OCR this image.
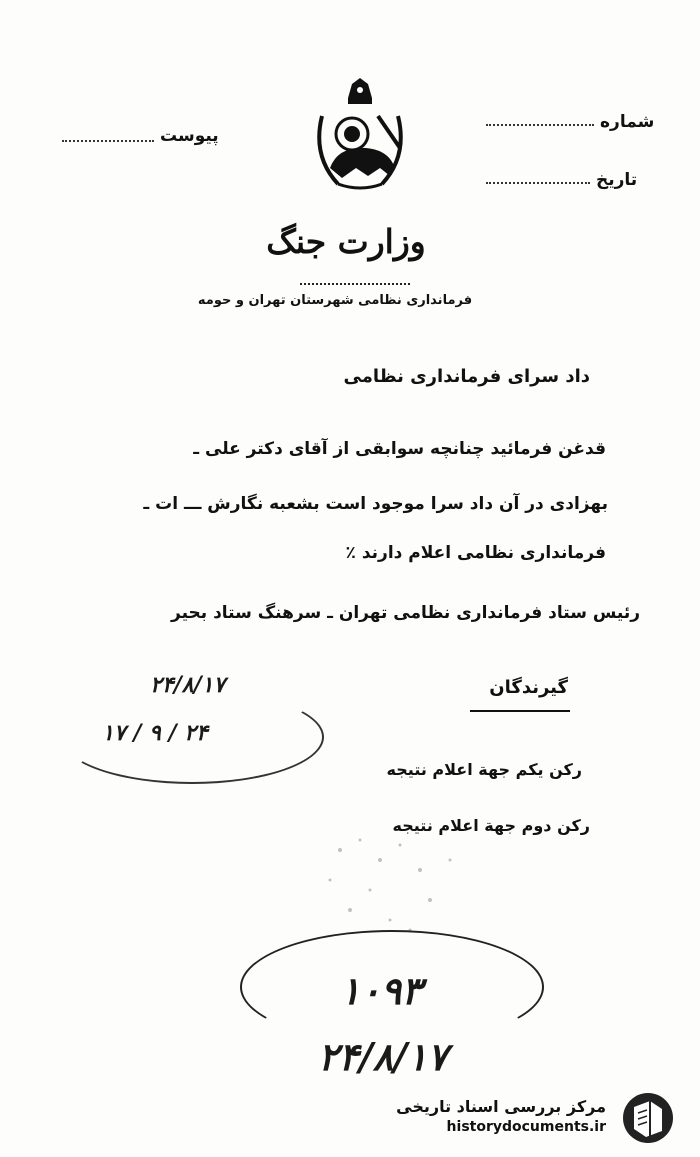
شماره
تاریخ
پیوست
وزارت جنگ
فرمانداری نظامی شهرستان تهران و حومه
داد سرای فرمانداری نظامی
قدغن فرمائید چنانچه سوابقی از آقای دکتر علی ـ
بهزادی در آن داد سرا موجود است بشعبه نگارش ـــ ات ـ
فرمانداری نظامی اعلام دارند ٪
رئیس ستاد فرمانداری نظامی تهران ـ سرهنگ ستاد بحیر
۲۴/۸/۱۷
۱۷ / ۹ / ۲۴
گیرندگان
رکن یکم جهة اعلام نتیجه
رکن دوم جهة اعلام نتیجه
۱۰۹۳
۲۴/۸/۱۷
مرکز بررسی اسناد تاریخی
historydocuments.ir
